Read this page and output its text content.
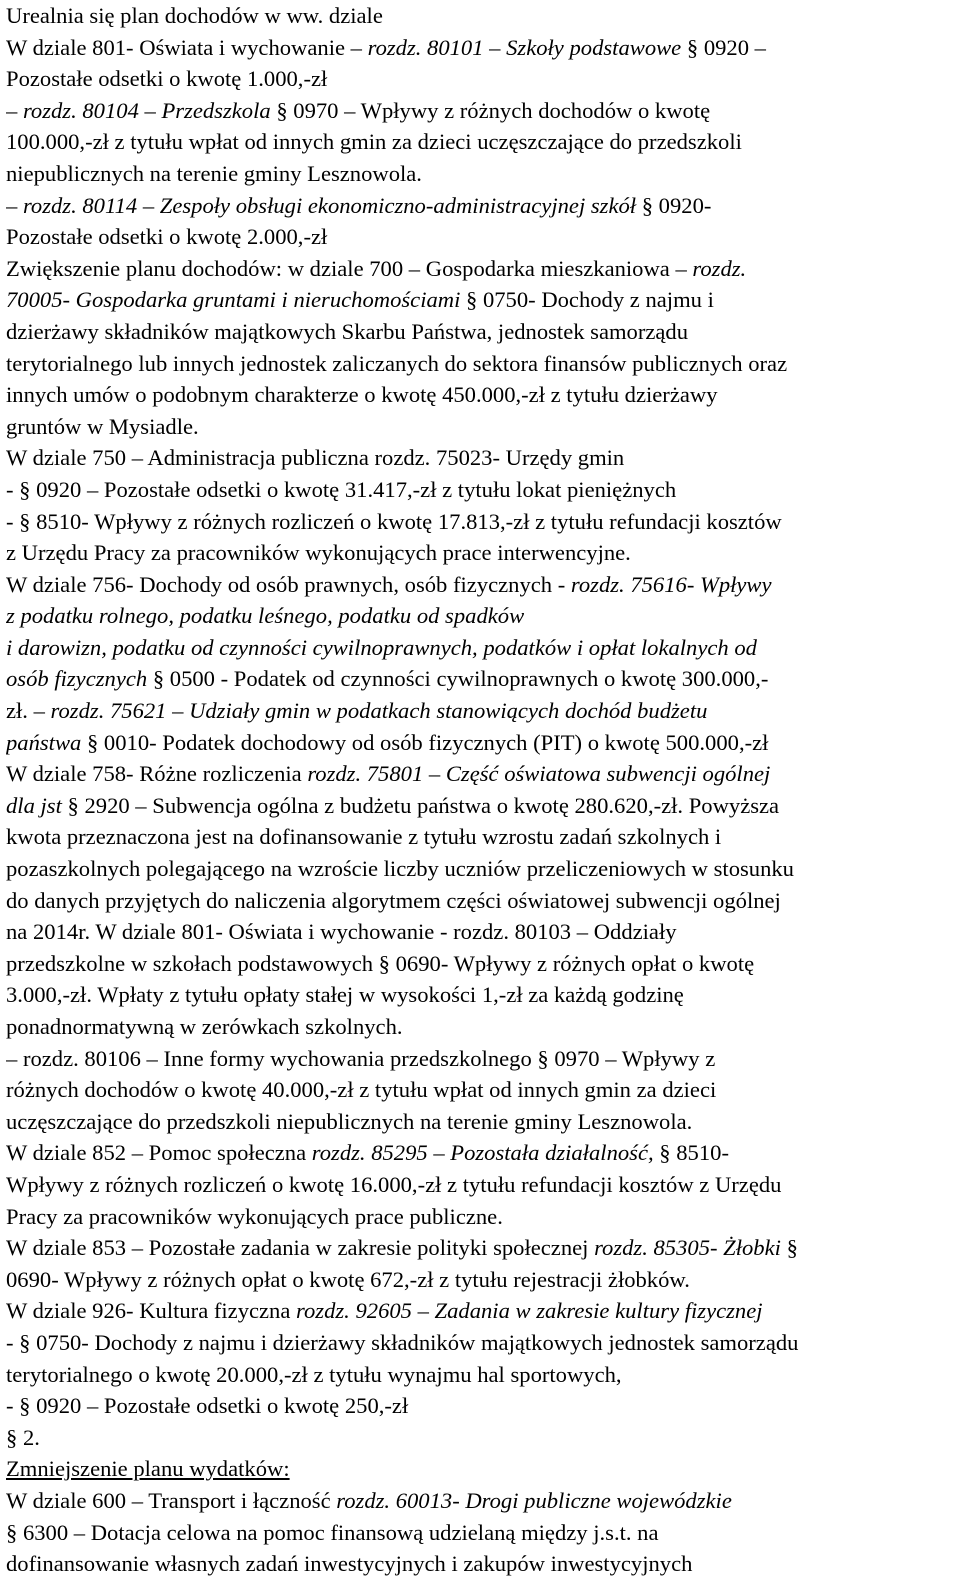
Urealnia się plan dochodów w ww. dziale
W dziale 801- Oświata i wychowanie – rozdz. 80101 – Szkoły podstawowe § 0920 –
Pozostałe odsetki o kwotę 1.000,-zł
– rozdz. 80104 – Przedszkola § 0970 – Wpływy z różnych dochodów o kwotę
100.000,-zł z tytułu wpłat od innych gmin za dzieci uczęszczające do przedszkoli
niepublicznych na terenie gminy Lesznowola.
– rozdz. 80114 – Zespoły obsługi ekonomiczno-administracyjnej szkół § 0920-
Pozostałe odsetki o kwotę 2.000,-zł
Zwiększenie planu dochodów: w dziale 700 – Gospodarka mieszkaniowa – rozdz.
70005- Gospodarka gruntami i nieruchomościami § 0750- Dochody z najmu i
dzierżawy składników majątkowych Skarbu Państwa, jednostek samorządu
terytorialnego lub innych jednostek zaliczanych do sektora finansów publicznych oraz
innych umów o podobnym charakterze o kwotę 450.000,-zł z tytułu dzierżawy
gruntów w Mysiadle.
W dziale 750 – Administracja publiczna rozdz. 75023- Urzędy gmin
- § 0920 – Pozostałe odsetki o kwotę 31.417,-zł z tytułu lokat pieniężnych
- § 8510- Wpływy z różnych rozliczeń o kwotę 17.813,-zł z tytułu refundacji kosztów
z Urzędu Pracy za pracowników wykonujących prace interwencyjne.
W dziale 756- Dochody od osób prawnych, osób fizycznych - rozdz. 75616- Wpływy
z podatku rolnego, podatku leśnego, podatku od spadków
i darowizn, podatku od czynności cywilnoprawnych, podatków i opłat lokalnych od
osób fizycznych § 0500 - Podatek od czynności cywilnoprawnych o kwotę 300.000,-
zł. – rozdz. 75621 – Udziały gmin w podatkach stanowiących dochód budżetu
państwa § 0010- Podatek dochodowy od osób fizycznych (PIT) o kwotę 500.000,-zł
W dziale 758- Różne rozliczenia rozdz. 75801 – Część oświatowa subwencji ogólnej
dla jst § 2920 – Subwencja ogólna z budżetu państwa o kwotę 280.620,-zł. Powyższa
kwota przeznaczona jest na dofinansowanie z tytułu wzrostu zadań szkolnych i
pozaszkolnych polegającego na wzroście liczby uczniów przeliczeniowych w stosunku
do danych przyjętych do naliczenia algorytmem części oświatowej subwencji ogólnej
na 2014r. W dziale 801- Oświata i wychowanie - rozdz. 80103 – Oddziały
przedszkolne w szkołach podstawowych § 0690- Wpływy z różnych opłat o kwotę
3.000,-zł. Wpłaty z tytułu opłaty stałej w wysokości 1,-zł za każdą godzinę
ponadnormatywną w zerówkach szkolnych.
– rozdz. 80106 – Inne formy wychowania przedszkolnego § 0970 – Wpływy z
różnych dochodów o kwotę 40.000,-zł z tytułu wpłat od innych gmin za dzieci
uczęszczające do przedszkoli niepublicznych na terenie gminy Lesznowola.
W dziale 852 – Pomoc społeczna rozdz. 85295 – Pozostała działalność, § 8510-
Wpływy z różnych rozliczeń o kwotę 16.000,-zł z tytułu refundacji kosztów z Urzędu
Pracy za pracowników wykonujących prace publiczne.
W dziale 853 – Pozostałe zadania w zakresie polityki społecznej rozdz. 85305- Żłobki §
0690- Wpływy z różnych opłat o kwotę 672,-zł z tytułu rejestracji żłobków.
W dziale 926- Kultura fizyczna rozdz. 92605 – Zadania w zakresie kultury fizycznej
- § 0750- Dochody z najmu i dzierżawy składników majątkowych jednostek samorządu
terytorialnego o kwotę 20.000,-zł z tytułu wynajmu hal sportowych,
- § 0920 – Pozostałe odsetki o kwotę 250,-zł
§ 2.
Zmniejszenie planu wydatków:
W dziale 600 – Transport i łączność rozdz. 60013- Drogi publiczne wojewódzkie
§ 6300 – Dotacja celowa na pomoc finansową udzielaną między j.s.t. na
dofinansowanie własnych zadań inwestycyjnych i zakupów inwestycyjnych
